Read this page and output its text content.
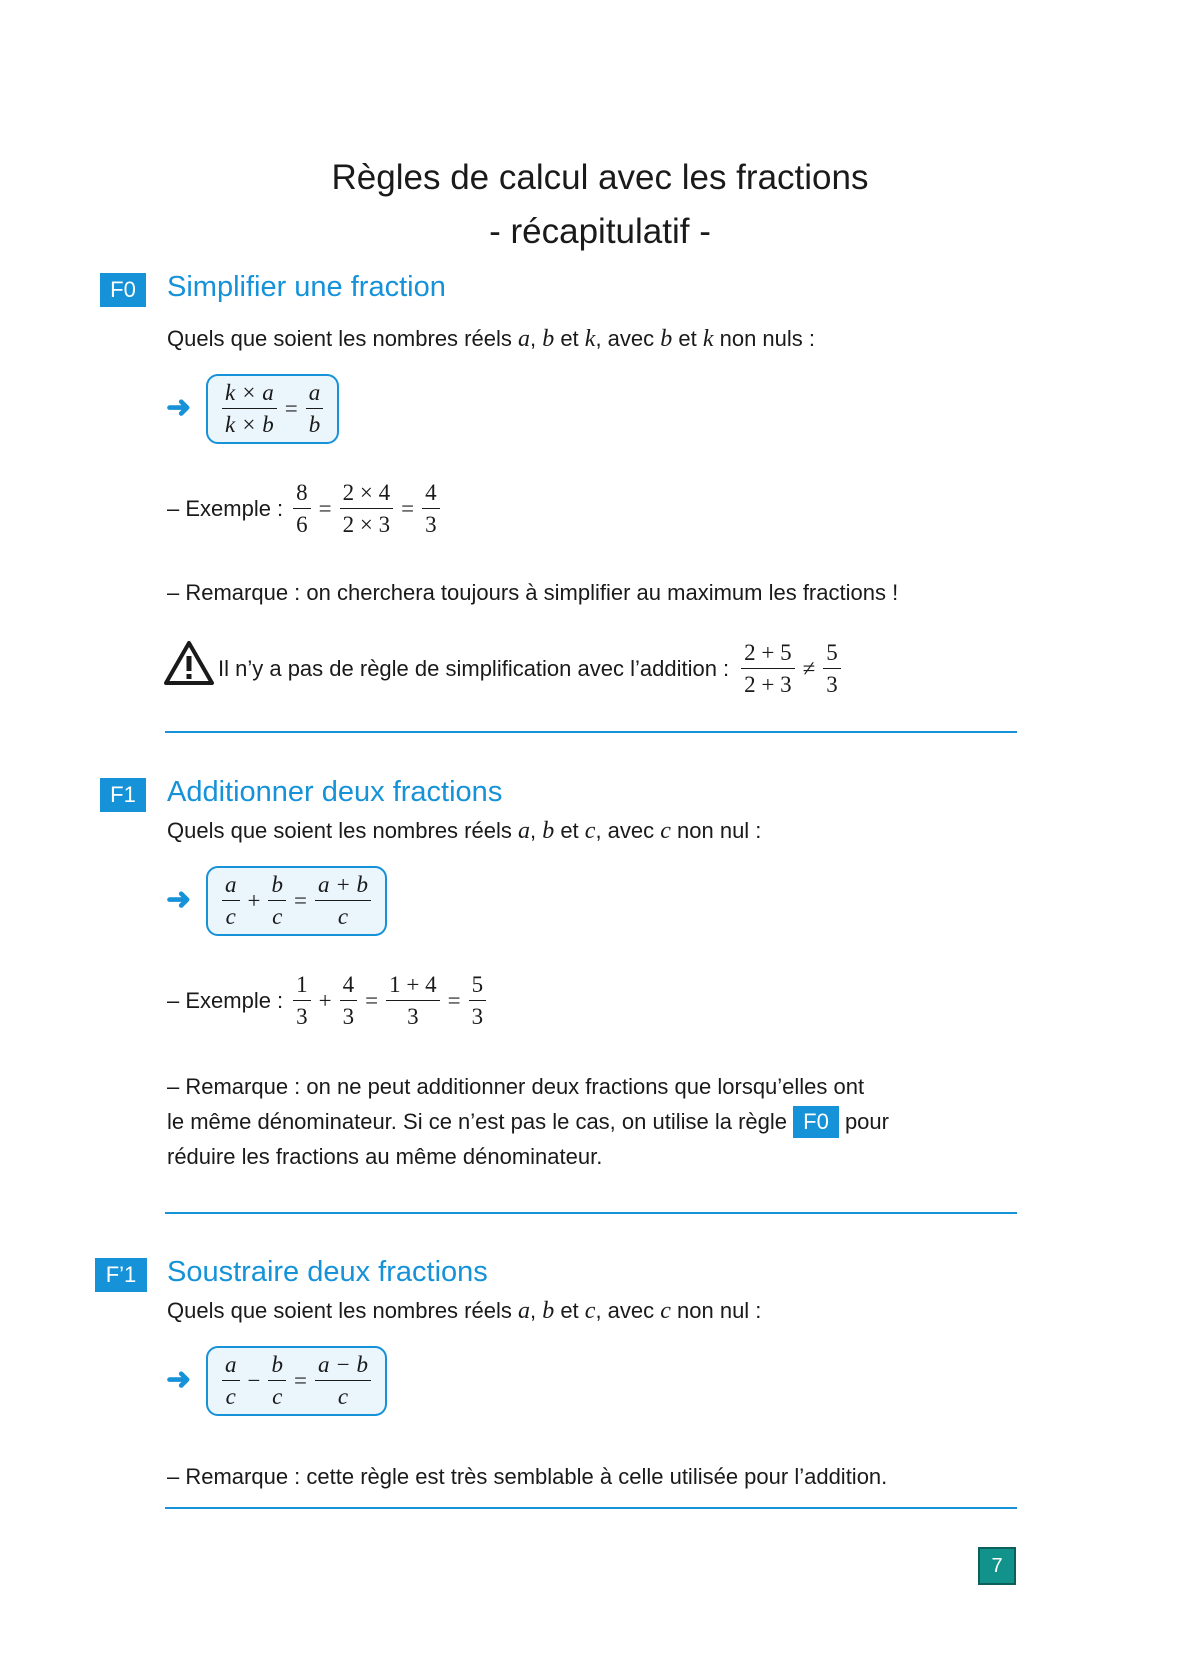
Règles de calcul avec les fractions
- récapitulatif -
F0	Simplifier une fraction
Quels que soient les nombres réels a, b et k, avec b et k non nuls :
➜ $\frac{k \times a}{k \times b} = \frac{a}{b}$
– Exemple : $\frac{8}{6} = \frac{2 \times 4}{2 \times 3} = \frac{4}{3}$
– Remarque : on cherchera toujours à simplifier au maximum les fractions !
Il n’y a pas de règle de simplification avec l’addition : $\frac{2 + 5}{2 + 3} \ne \frac{5}{3}$
F1	Additionner deux fractions
Quels que soient les nombres réels a, b et c, avec c non nul :
➜ $\frac{a}{c} + \frac{b}{c} = \frac{a + b}{c}$
– Exemple : $\frac{1}{3} + \frac{4}{3} = \frac{1 + 4}{3} = \frac{5}{3}$
– Remarque : on ne peut additionner deux fractions que lorsqu’elles ont
le même dénominateur. Si ce n’est pas le cas, on utilise la règle F0 pour
réduire les fractions au même dénominateur.
F’1	Soustraire deux fractions
Quels que soient les nombres réels a, b et c, avec c non nul :
➜ $\frac{a}{c} - \frac{b}{c} = \frac{a - b}{c}$
– Remarque : cette règle est très semblable à celle utilisée pour l’addition.
7
